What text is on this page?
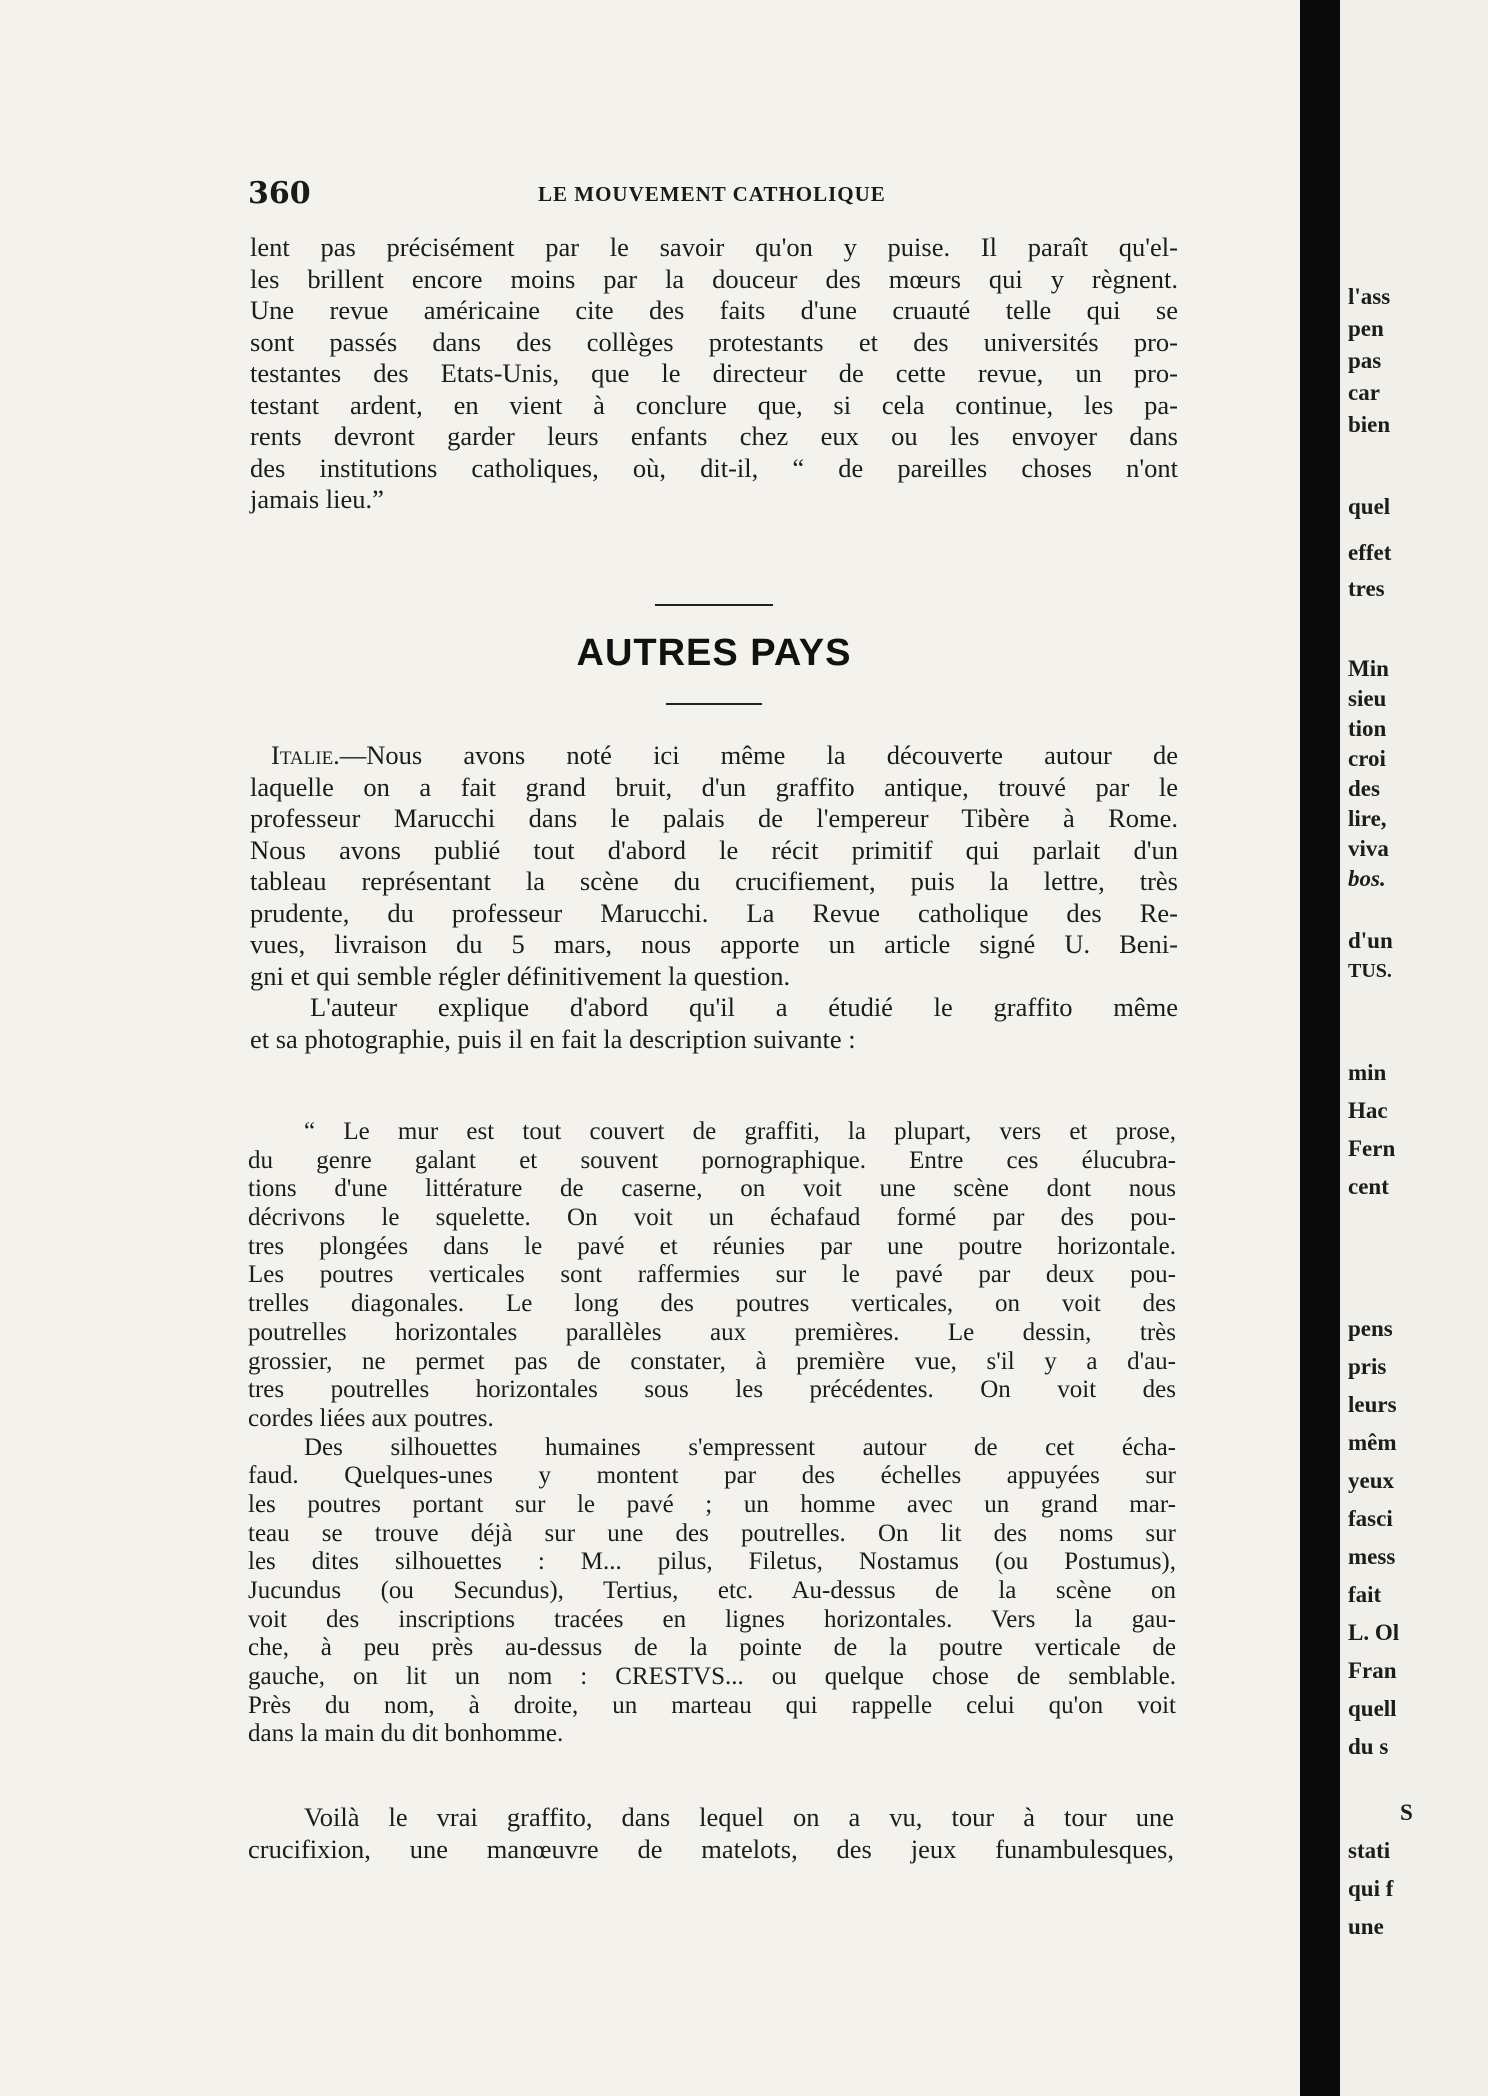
360	LE MOUVEMENT CATHOLIQUE
lent pas précisément par le savoir qu'on y puise. Il paraît qu'el-
les brillent encore moins par la douceur des mœurs qui y règnent.
Une revue américaine cite des faits d'une cruauté telle qui se
sont passés dans des collèges protestants et des universités pro-
testantes des Etats-Unis, que le directeur de cette revue, un pro-
testant ardent, en vient à conclure que, si cela continue, les pa-
rents devront garder leurs enfants chez eux ou les envoyer dans
des institutions catholiques, où, dit-il, “ de pareilles choses n'ont
jamais lieu.”
AUTRES PAYS
Italie.—Nous avons noté ici même la découverte autour de
laquelle on a fait grand bruit, d'un graffito antique, trouvé par le
professeur Marucchi dans le palais de l'empereur Tibère à Rome.
Nous avons publié tout d'abord le récit primitif qui parlait d'un
tableau représentant la scène du crucifiement, puis la lettre, très
prudente, du professeur Marucchi. La Revue catholique des Re-
vues, livraison du 5 mars, nous apporte un article signé U. Beni-
gni et qui semble régler définitivement la question.
L'auteur explique d'abord qu'il a étudié le graffito même
et sa photographie, puis il en fait la description suivante :
“ Le mur est tout couvert de graffiti, la plupart, vers et prose,
du genre galant et souvent pornographique. Entre ces élucubra-
tions d'une littérature de caserne, on voit une scène dont nous
décrivons le squelette. On voit un échafaud formé par des pou-
tres plongées dans le pavé et réunies par une poutre horizontale.
Les poutres verticales sont raffermies sur le pavé par deux pou-
trelles diagonales. Le long des poutres verticales, on voit des
poutrelles horizontales parallèles aux premières. Le dessin, très
grossier, ne permet pas de constater, à première vue, s'il y a d'au-
tres poutrelles horizontales sous les précédentes. On voit des
cordes liées aux poutres.
Des silhouettes humaines s'empressent autour de cet écha-
faud. Quelques-unes y montent par des échelles appuyées sur
les poutres portant sur le pavé ; un homme avec un grand mar-
teau se trouve déjà sur une des poutrelles. On lit des noms sur
les dites silhouettes : M... pilus, Filetus, Nostamus (ou Postumus),
Jucundus (ou Secundus), Tertius, etc. Au-dessus de la scène on
voit des inscriptions tracées en lignes horizontales. Vers la gau-
che, à peu près au-dessus de la pointe de la poutre verticale de
gauche, on lit un nom : CRESTVS... ou quelque chose de semblable.
Près du nom, à droite, un marteau qui rappelle celui qu'on voit
dans la main du dit bonhomme.
Voilà le vrai graffito, dans lequel on a vu, tour à tour une
crucifixion, une manœuvre de matelots, des jeux funambulesques,
l'ass
pen
pas
car
bien
quel
effet
tres
Min
sieu
tion
croi
des
lire,
viva
bos.
d'un
TUS.
min
Hac
Fern
cent
pens
pris
leurs
mêm
yeux
fasci
mess
fait
L. Ol
Fran
quell
du s
S
stati
qui f
une
